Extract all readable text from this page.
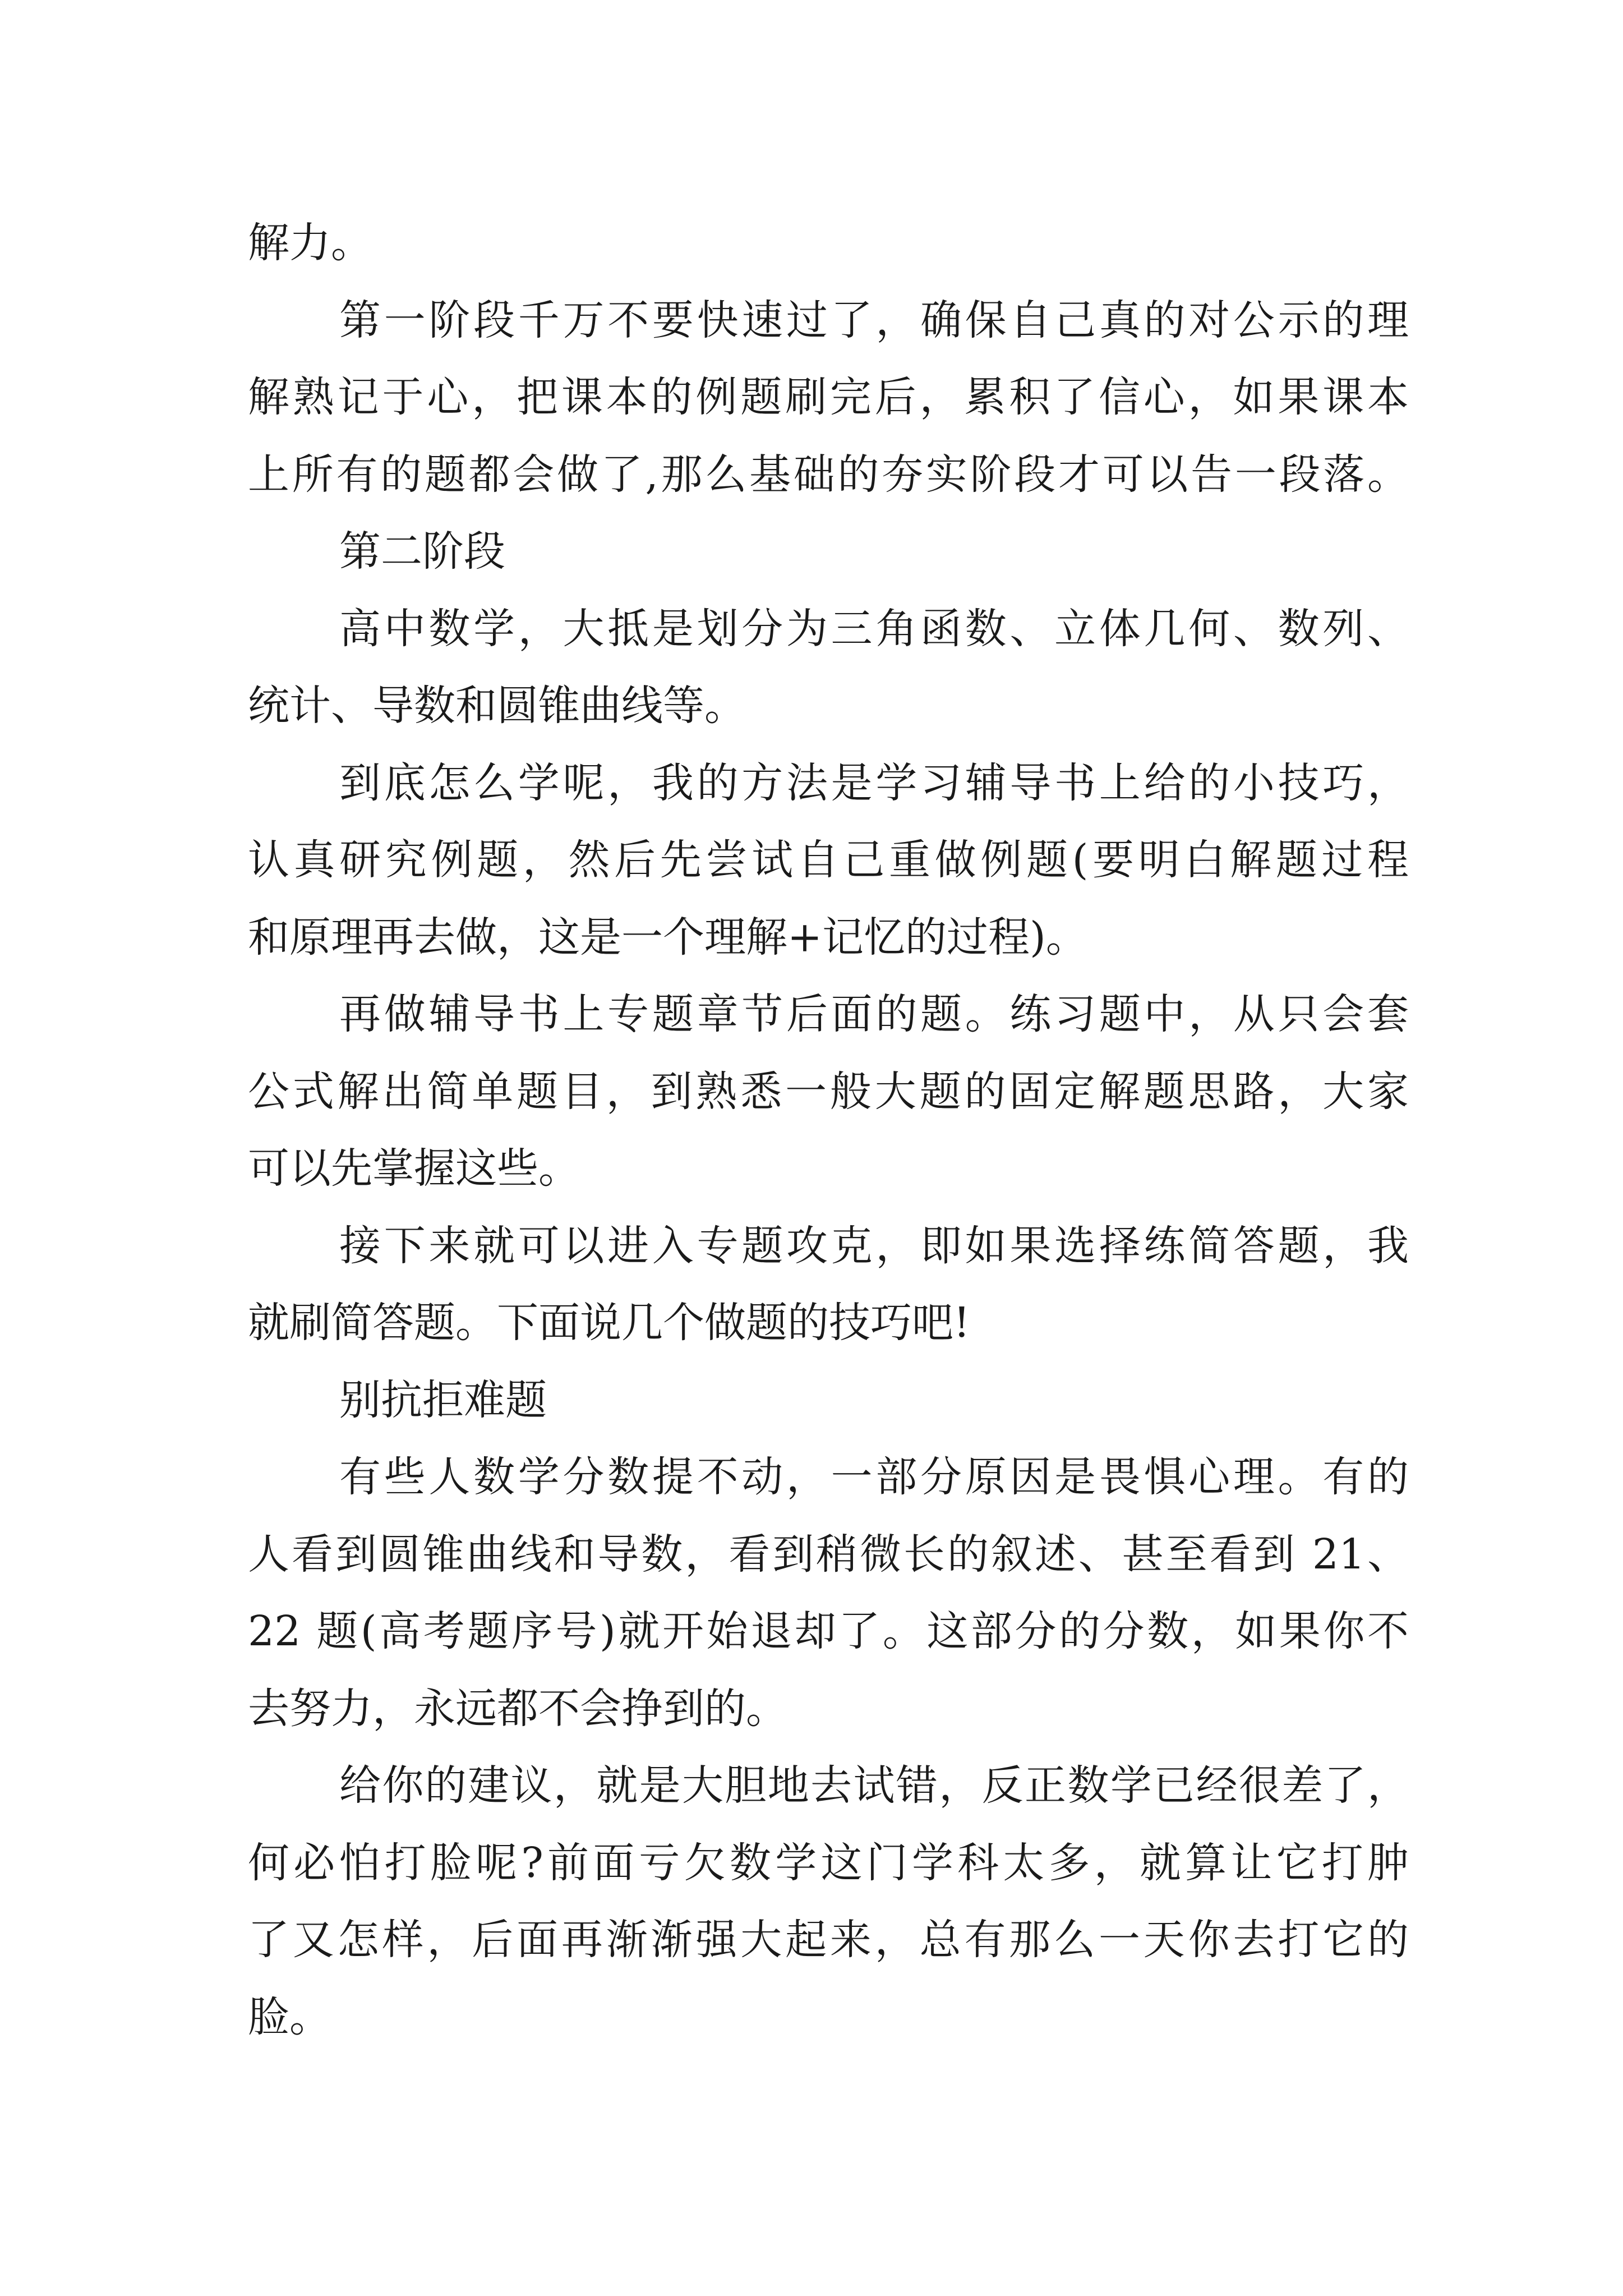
解力。
第一阶段千万不要快速过了，确保自己真的对公示的理
解熟记于心，把课本的例题刷完后，累积了信心，如果课本
上所有的题都会做了,那么基础的夯实阶段才可以告一段落。
第二阶段
高中数学，大抵是划分为三角函数、立体几何、数列、
统计、导数和圆锥曲线等。
到底怎么学呢，我的方法是学习辅导书上给的小技巧，
认真研究例题，然后先尝试自己重做例题(要明白解题过程
和原理再去做，这是一个理解+记忆的过程)。
再做辅导书上专题章节后面的题。练习题中，从只会套
公式解出简单题目，到熟悉一般大题的固定解题思路，大家
可以先掌握这些。
接下来就可以进入专题攻克，即如果选择练简答题，我
就刷简答题。下面说几个做题的技巧吧!
别抗拒难题
有些人数学分数提不动，一部分原因是畏惧心理。有的
人看到圆锥曲线和导数，看到稍微长的叙述、甚至看到 21、
22 题(高考题序号)就开始退却了。这部分的分数，如果你不
去努力，永远都不会挣到的。
给你的建议，就是大胆地去试错，反正数学已经很差了，
何必怕打脸呢?前面亏欠数学这门学科太多，就算让它打肿
了又怎样，后面再渐渐强大起来，总有那么一天你去打它的
脸。
